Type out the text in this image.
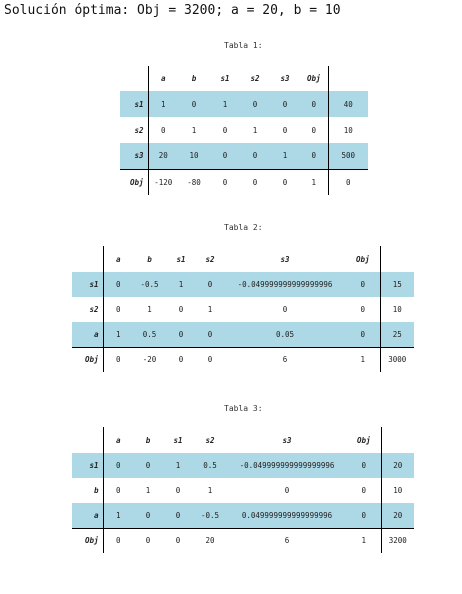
Solución óptima: Obj = 3200; a = 20, b = 10
Tabla 1:
	a	b	s1	s2	s3	Obj	
s1	1	0	1	0	0	0	40
s2	0	1	0	1	0	0	10
s3	20	10	0	0	1	0	500
Obj	-120	-80	0	0	0	1	0
Tabla 2:
	a	b	s1	s2	s3	Obj	
s1	0	-0.5	1	0	-0.049999999999999996	0	15
s2	0	1	0	1	0	0	10
a	1	0.5	0	0	0.05	0	25
Obj	0	-20	0	0	6	1	3000
Tabla 3:
	a	b	s1	s2	s3	Obj	
s1	0	0	1	0.5	-0.049999999999999996	0	20
b	0	1	0	1	0	0	10
a	1	0	0	-0.5	0.049999999999999996	0	20
Obj	0	0	0	20	6	1	3200
